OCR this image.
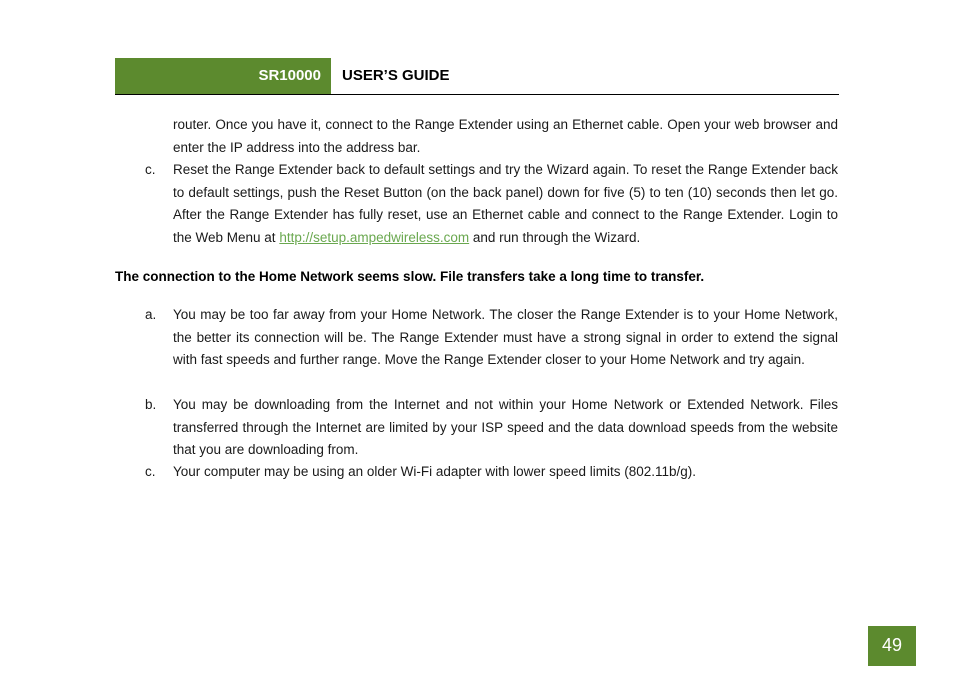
SR10000	USER’S GUIDE
router. Once you have it, connect to the Range Extender using an Ethernet cable. Open your web browser and enter the IP address into the address bar.
c.	Reset the Range Extender back to default settings and try the Wizard again. To reset the Range Extender back to default settings, push the Reset Button (on the back panel) down for five (5) to ten (10) seconds then let go. After the Range Extender has fully reset, use an Ethernet cable and connect to the Range Extender. Login to the Web Menu at http://setup.ampedwireless.com and run through the Wizard.
The connection to the Home Network seems slow. File transfers take a long time to transfer.
a.	You may be too far away from your Home Network. The closer the Range Extender is to your Home Network, the better its connection will be. The Range Extender must have a strong signal in order to extend the signal with fast speeds and further range. Move the Range Extender closer to your Home Network and try again.
b.	You may be downloading from the Internet and not within your Home Network or Extended Network. Files transferred through the Internet are limited by your ISP speed and the data download speeds from the website that you are downloading from.
c.	Your computer may be using an older Wi-Fi adapter with lower speed limits (802.11b/g).
49
